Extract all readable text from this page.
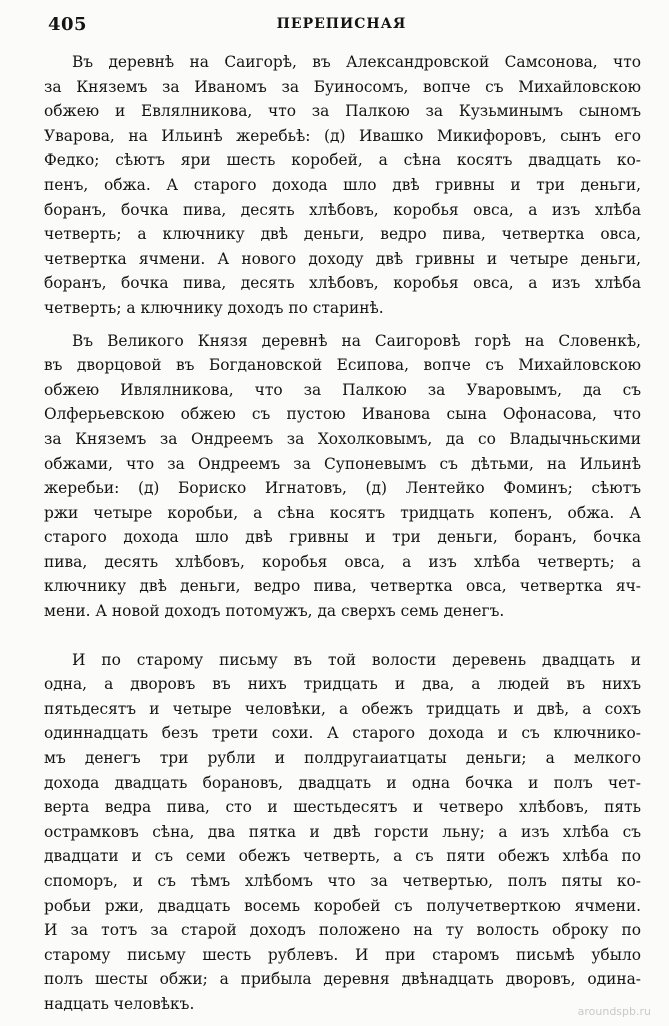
405	ПЕРЕПИСНАЯ
Въ деревнѣ на Саигорѣ, въ Александровской Самсонова, что
за Княземъ за Иваномъ за Буиносомъ, вопче съ Михайловскою
обжею и Евлялникова, что за Палкою за Кузьминымъ сыномъ
Уварова, на Ильинѣ жеребьѣ: (д) Ивашко Микифоровъ, сынъ его
Федко; сѣютъ яри шесть коробей, а сѣна косятъ двадцать ко-
пенъ, обжа. А старого дохода шло двѣ гривны и три деньги,
боранъ, бочка пива, десять хлѣбовъ, коробья овса, а изъ хлѣба
четверть; а ключнику двѣ деньги, ведро пива, четвертка овса,
четвертка ячмени. А нового доходу двѣ гривны и четыре деньги,
боранъ, бочка пива, десять хлѣбовъ, коробья овса, а изъ хлѣба
четверть; а ключнику доходъ по старинѣ.
Въ Великого Князя деревнѣ на Саигоровѣ горѣ на Словенкѣ,
въ дворцовой въ Богдановской Есипова, вопче съ Михайловскою
обжею Ивлялникова, что за Палкою за Уваровымъ, да съ
Олферьевскою обжею съ пустою Иванова сына Офонасова, что
за Княземъ за Ондреемъ за Хохолковымъ, да со Владычньскими
обжами, что за Ондреемъ за Супоневымъ съ дѣтьми, на Ильинѣ
жеребьи: (д) Бориско Игнатовъ, (д) Лентейко Фоминъ; сѣютъ
ржи четыре коробьи, а сѣна косятъ тридцать копенъ, обжа. А
старого дохода шло двѣ гривны и три деньги, боранъ, бочка
пива, десять хлѣбовъ, коробья овса, а изъ хлѣба четверть; а
ключнику двѣ деньги, ведро пива, четвертка овса, четвертка яч-
мени. А новой доходъ потомужъ, да сверхъ семь денегъ.
И по старому письму въ той волости деревень двадцать и
одна, а дворовъ въ нихъ тридцать и два, а людей въ нихъ
пятьдесятъ и четыре человѣки, а обежъ тридцать и двѣ, а сохъ
одиннадцать безъ трети сохи. А старого дохода и съ ключнико-
мъ денегъ три рубли и полдругаиатцаты деньги; а мелкого
дохода двадцать борановъ, двадцать и одна бочка и полъ чет-
верта ведра пива, сто и шестьдесятъ и четверо хлѣбовъ, пять
острамковъ сѣна, два пятка и двѣ горсти льну; а изъ хлѣба съ
двадцати и съ семи обежъ четверть, а съ пяти обежъ хлѣба по
споморъ, и съ тѣмъ хлѣбомъ что за четвертью, полъ пяты ко-
робьи ржи, двадцать восемь коробей съ получетверткою ячмени.
И за тотъ за старой доходъ положено на ту волость оброку по
старому письму шесть рублевъ. И при старомъ письмѣ убыло
полъ шесты обжи; а прибыла деревня двѣнадцать дворовъ, одина-
надцать человѣкъ.	aroundspb.ru
